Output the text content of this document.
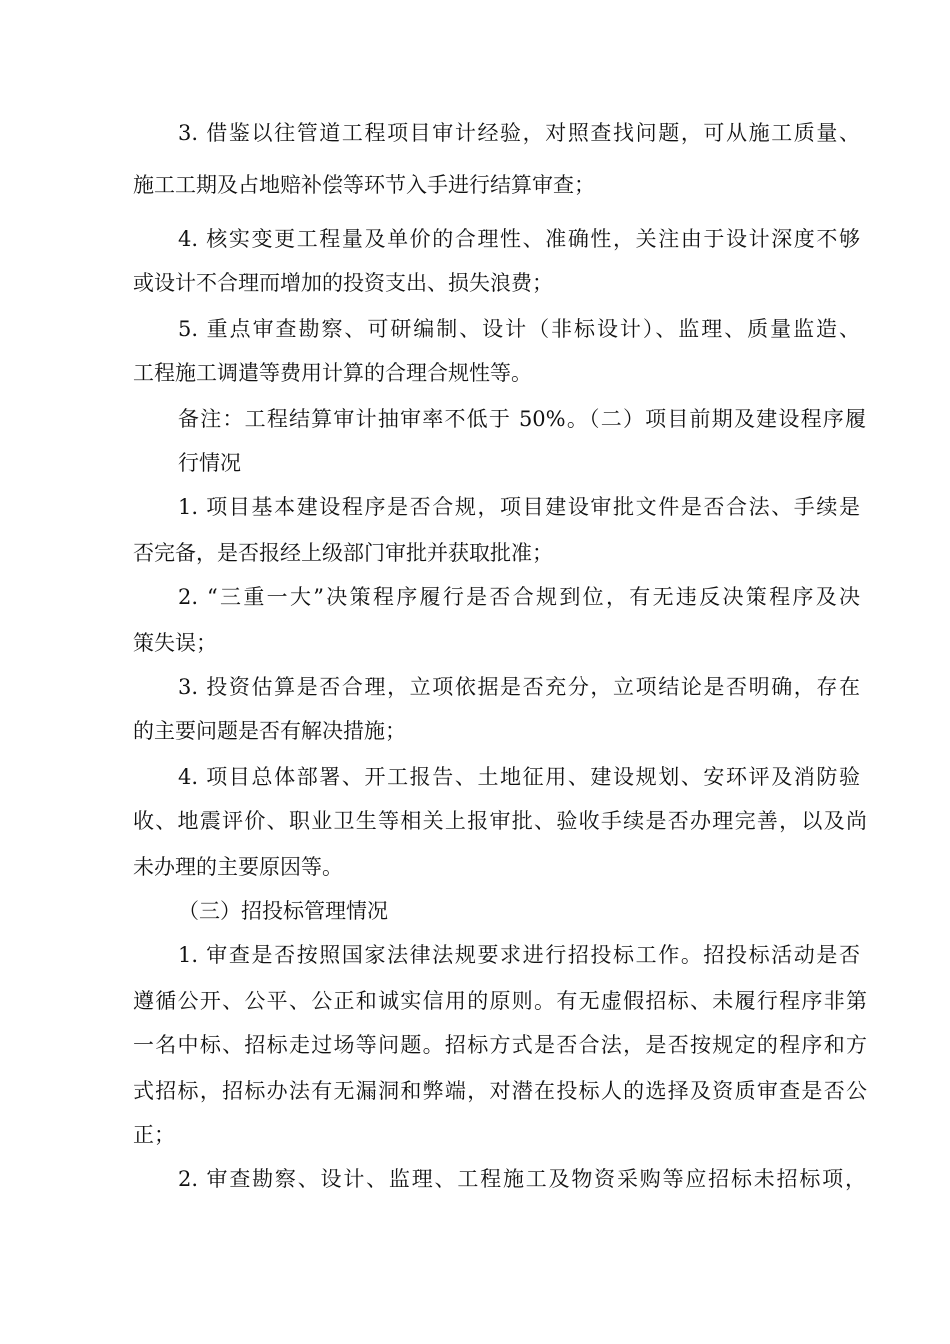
3. 借鉴以往管道工程项目审计经验，对照查找问题，可从施工质量、
施工工期及占地赔补偿等环节入手进行结算审查；
4. 核实变更工程量及单价的合理性、准确性，关注由于设计深度不够
或设计不合理而增加的投资支出、损失浪费；
5. 重点审查勘察、可研编制、设计（非标设计）、监理、质量监造、
工程施工调遣等费用计算的合理合规性等。
备注：工程结算审计抽审率不低于 50%。（二）项目前期及建设程序履
行情况
1. 项目基本建设程序是否合规，项目建设审批文件是否合法、手续是
否完备，是否报经上级部门审批并获取批准；
2. “三重一大”决策程序履行是否合规到位，有无违反决策程序及决
策失误；
3. 投资估算是否合理，立项依据是否充分，立项结论是否明确，存在
的主要问题是否有解决措施；
4. 项目总体部署、开工报告、土地征用、建设规划、安环评及消防验
收、地震评价、职业卫生等相关上报审批、验收手续是否办理完善，以及尚
未办理的主要原因等。
（三）招投标管理情况
1. 审查是否按照国家法律法规要求进行招投标工作。招投标活动是否
遵循公开、公平、公正和诚实信用的原则。有无虚假招标、未履行程序非第
一名中标、招标走过场等问题。招标方式是否合法，是否按规定的程序和方
式招标，招标办法有无漏洞和弊端，对潜在投标人的选择及资质审查是否公
正；
2. 审查勘察、设计、监理、工程施工及物资采购等应招标未招标项，
